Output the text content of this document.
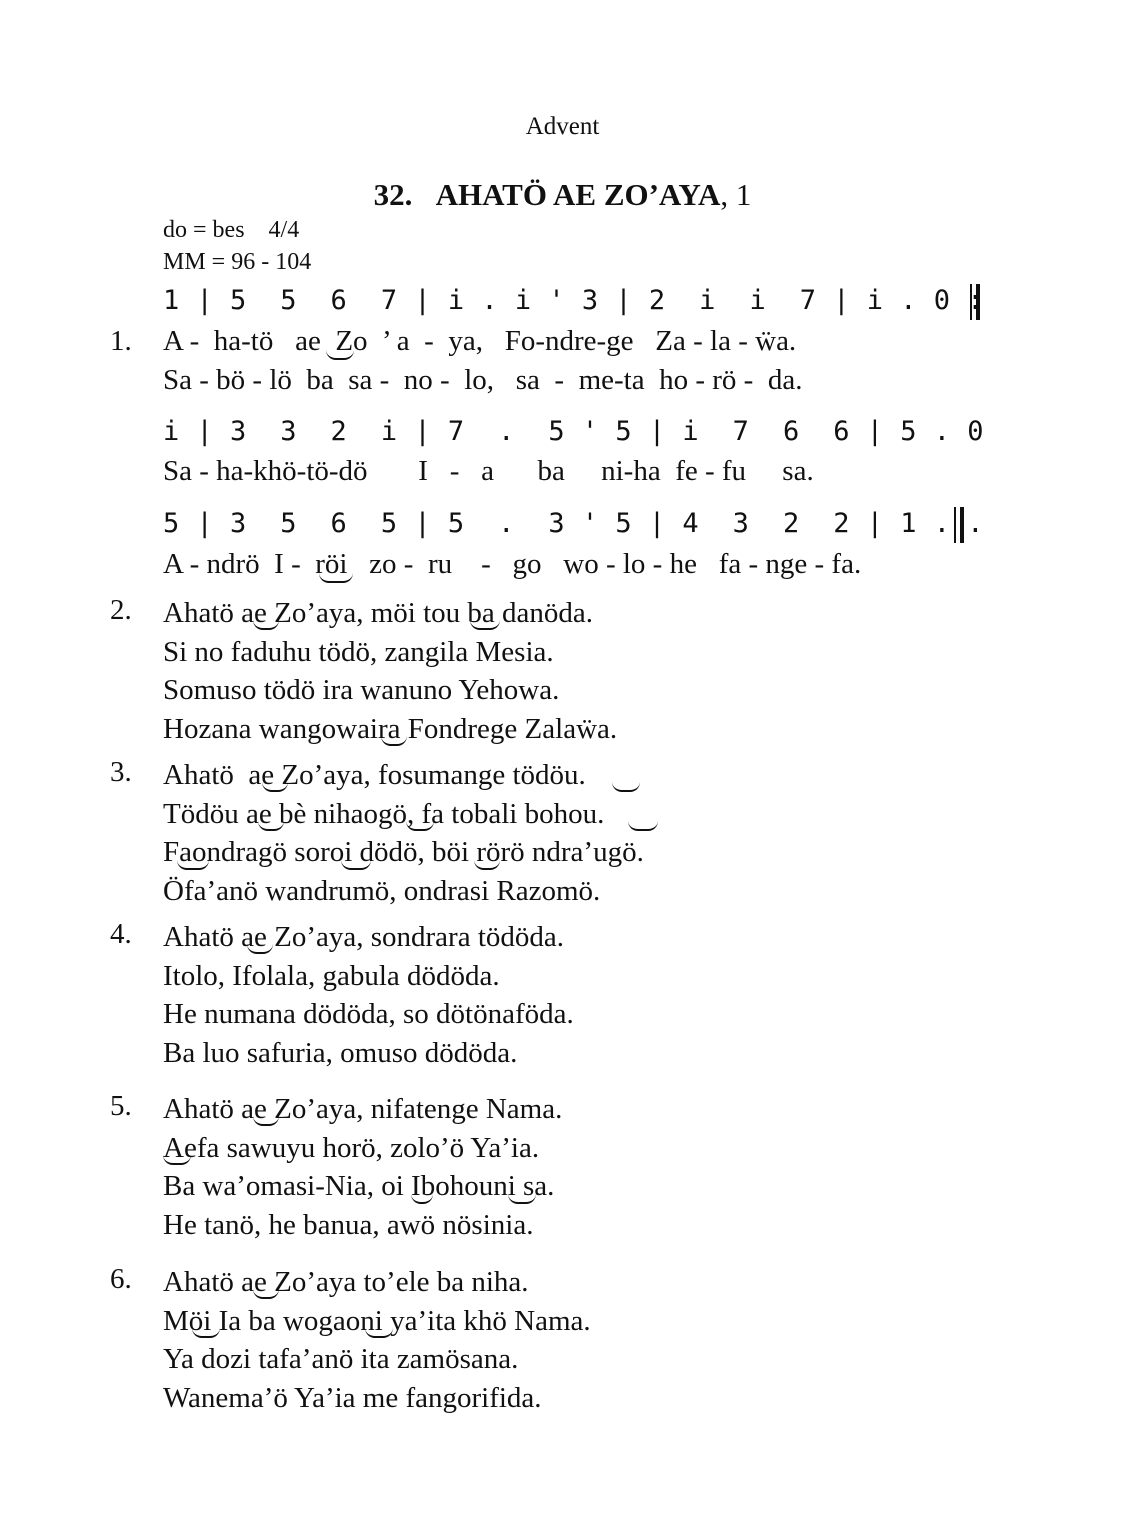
Advent
32. AHATÖ AE ZO’AYA, 1
do = bes    4/4
MM = 96 - 104
1 | 5  5  6  7 | i . i ' 3 | 2  i  i  7 | i . 0 :
1. A -  ha-tö   ae  Zo  ’ a  -  ya,   Fo-ndre-ge   Za - la - ẅa.
Sa - bö - lö  ba  sa -  no -  lo,   sa  -  me-ta  ho - rö -  da.
i | 3  3  2  i | 7  .  5 ' 5 | i  7  6  6 | 5 . 0
Sa - ha-khö-tö-dö       I   -   a      ba     ni-ha  fe - fu     sa.
5 | 3  5  6  5 | 5  .  3 ' 5 | 4  3  2  2 | 1 . .
A - ndrö  I -  röi   zo -  ru    -   go   wo - lo - he   fa - nge - fa.
2. Ahatö ae Zo’aya, möi tou ba danöda.
Si no faduhu tödö, zangila Mesia.
Somuso tödö ira wanuno Yehowa.
Hozana wangowaira Fondrege Zalaẅa.
3. Ahatö  ae Zo’aya, fosumange tödöu.
Tödöu ae bè nihaogö, fa tobali bohou.
Faondragö soroi dödö, böi rörö ndra’ugö.
Öfa’anö wandrumö, ondrasi Razomö.
4. Ahatö ae Zo’aya, sondrara tödöda.
Itolo, Ifolala, gabula dödöda.
He numana dödöda, so dötönaföda.
Ba luo safuria, omuso dödöda.
5. Ahatö ae Zo’aya, nifatenge Nama.
Aefa sawuyu horö, zolo’ö Ya’ia.
Ba wa’omasi-Nia, oi Ibohouni sa.
He tanö, he banua, awö nösinia.
6. Ahatö ae Zo’aya to’ele ba niha.
Möi Ia ba wogaoni ya’ita khö Nama.
Ya dozi tafa’anö ita zamösana.
Wanema’ö Ya’ia me fangorifida.
